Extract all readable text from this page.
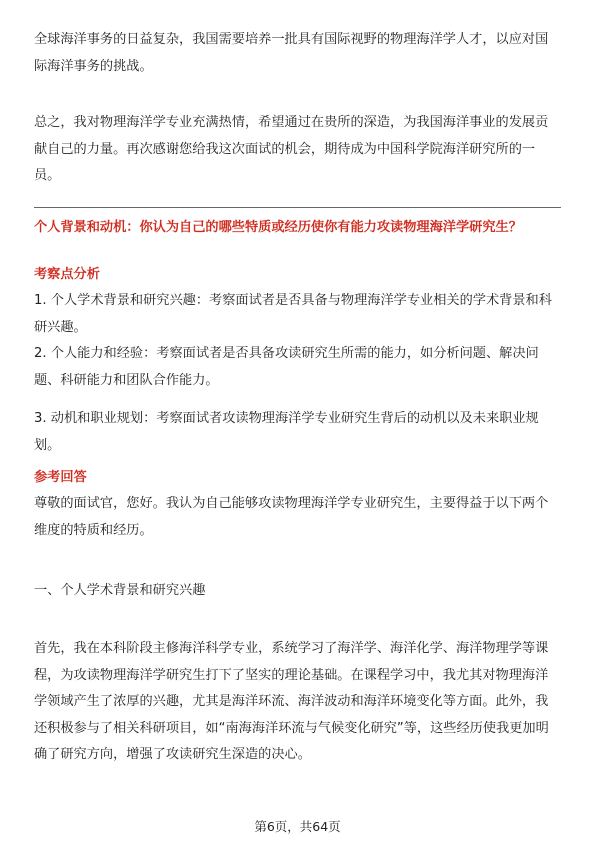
全球海洋事务的日益复杂，我国需要培养一批具有国际视野的物理海洋学人才，以应对国际海洋事务的挑战。

总之，我对物理海洋学专业充满热情，希望通过在贵所的深造，为我国海洋事业的发展贡献自己的力量。再次感谢您给我这次面试的机会，期待成为中国科学院海洋研究所的一员。

个人背景和动机：你认为自己的哪些特质或经历使你有能力攻读物理海洋学研究生？

考察点分析

1. 个人学术背景和研究兴趣：考察面试者是否具备与物理海洋学专业相关的学术背景和科研兴趣。

2. 个人能力和经验：考察面试者是否具备攻读研究生所需的能力，如分析问题、解决问题、科研能力和团队合作能力。

3. 动机和职业规划：考察面试者攻读物理海洋学专业研究生背后的动机以及未来职业规划。

参考回答

尊敬的面试官，您好。我认为自己能够攻读物理海洋学专业研究生，主要得益于以下两个维度的特质和经历。

一、个人学术背景和研究兴趣

首先，我在本科阶段主修海洋科学专业，系统学习了海洋学、海洋化学、海洋物理学等课程，为攻读物理海洋学研究生打下了坚实的理论基础。在课程学习中，我尤其对物理海洋学领域产生了浓厚的兴趣，尤其是海洋环流、海洋波动和海洋环境变化等方面。此外，我还积极参与了相关科研项目，如“南海海洋环流与气候变化研究”等，这些经历使我更加明确了研究方向，增强了攻读研究生深造的决心。

第6页，共64页
